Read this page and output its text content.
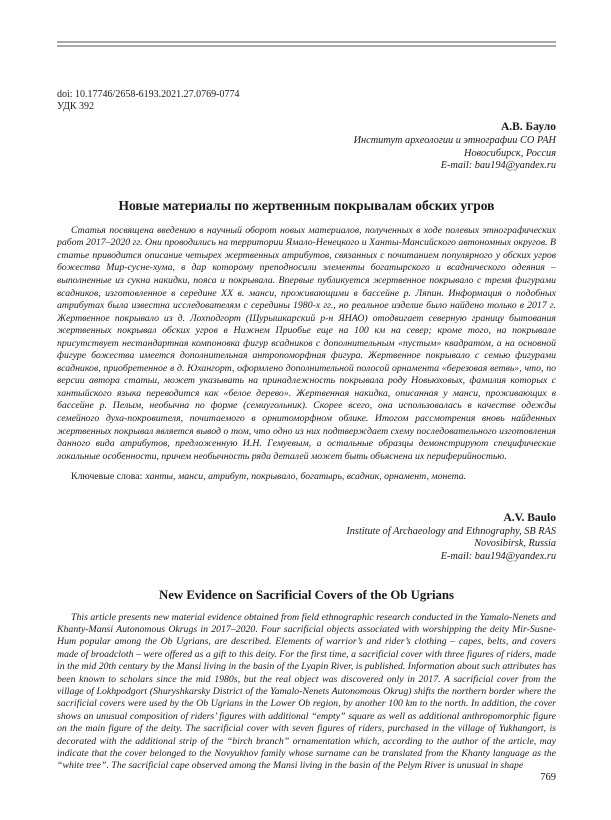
doi: 10.17746/2658-6193.2021.27.0769-0774
УДК 392
А.В. Бауло
Институт археологии и этнографии СО РАН
Новосибирск, Россия
E-mail: bau194@yandex.ru
Новые материалы по жертвенным покрывалам обских угров

Статья посвящена введению в научный оборот новых материалов, полученных в ходе полевых этнографических работ 2017–2020 гг. Они проводились на территории Ямало-Ненецкого и Ханты-Мансийского автономных округов. В статье приводится описание четырех жертвенных атрибутов, связанных с почитанием популярного у обских угров божества Мир-сусне-хума, в дар которому преподносили элементы богатырского и всаднического одеяния – выполненные из сукна накидки, пояса и покрывала. Впервые публикуется жертвенное покрывало с тремя фигурами всадников, изготовленное в середине XX в. манси, проживающими в бассейне р. Ляпин. Информация о подобных атрибутах была известна исследователям с середины 1980-х гг., но реальное изделие было найдено только в 2017 г. Жертвенное покрывало из д. Лохподгорт (Шурышкарский р-н ЯНАО) отодвигает северную границу бытования жертвенных покрывал обских угров в Нижнем Приобье еще на 100 км на север; кроме того, на покрывале присутствует нестандартная компоновка фигур всадников с дополнительным «пустым» квадратом, а на основной фигуре божества имеется дополнительная антропоморфная фигура. Жертвенное покрывало с семью фигурами всадников, приобретенное в д. Юхангорт, оформлено дополнительной полосой орнамента «березовая ветвь», что, по версии автора статьи, может указывать на принадлежность покрывала роду Новьюховых, фамилия которых с хантыйского языка переводится как «белое дерево». Жертвенная накидка, описанная у манси, проживающих в бассейне р. Пелым, необычна по форме (семиугольник). Скорее всего, она использовалась в качестве одежды семейного духа-покровителя, почитаемого в орнитоморфном облике. Итогом рассмотрения вновь найденных жертвенных покрывал является вывод о том, что одно из них подтверждает схему последовательного изготовления данного вида атрибутов, предложенную И.Н. Гемуевым, а остальные образцы демонстрируют специфические локальные особенности, причем необычность ряда деталей может быть объяснена их периферийностью.

Ключевые слова: ханты, манси, атрибут, покрывало, богатырь, всадник, орнамент, монета.

A.V. Baulo
Institute of Archaeology and Ethnography, SB RAS
Novosibirsk, Russia
E-mail: bau194@yandex.ru
New Evidence on Sacrificial Covers of the Ob Ugrians

This article presents new material evidence obtained from field ethnographic research conducted in the Yamalo-Nenets and Khanty-Mansi Autonomous Okrugs in 2017–2020. Four sacrificial objects associated with worshipping the deity Mir-Susne-Hum popular among the Ob Ugrians, are described. Elements of warrior’s and rider’s clothing – capes, belts, and covers made of broadcloth – were offered as a gift to this deity. For the first time, a sacrificial cover with three figures of riders, made in the mid 20th century by the Mansi living in the basin of the Lyapin River, is published. Information about such attributes has been known to scholars since the mid 1980s, but the real object was discovered only in 2017. A sacrificial cover from the village of Lokhpodgort (Shuryshkarsky District of the Yamalo-Nenets Autonomous Okrug) shifts the northern border where the sacrificial covers were used by the Ob Ugrians in the Lower Ob region, by another 100 km to the north. In addition, the cover shows an unusual composition of riders’ figures with additional “empty” square as well as additional anthropomorphic figure on the main figure of the deity. The sacrificial cover with seven figures of riders, purchased in the village of Yukhangort, is decorated with the additional strip of the “birch branch” ornamentation which, according to the author of the article, may indicate that the cover belonged to the Novyukhov family whose surname can be translated from the Khanty language as the “white tree”. The sacrificial cape observed among the Mansi living in the basin of the Pelym River is unusual in shape

769
